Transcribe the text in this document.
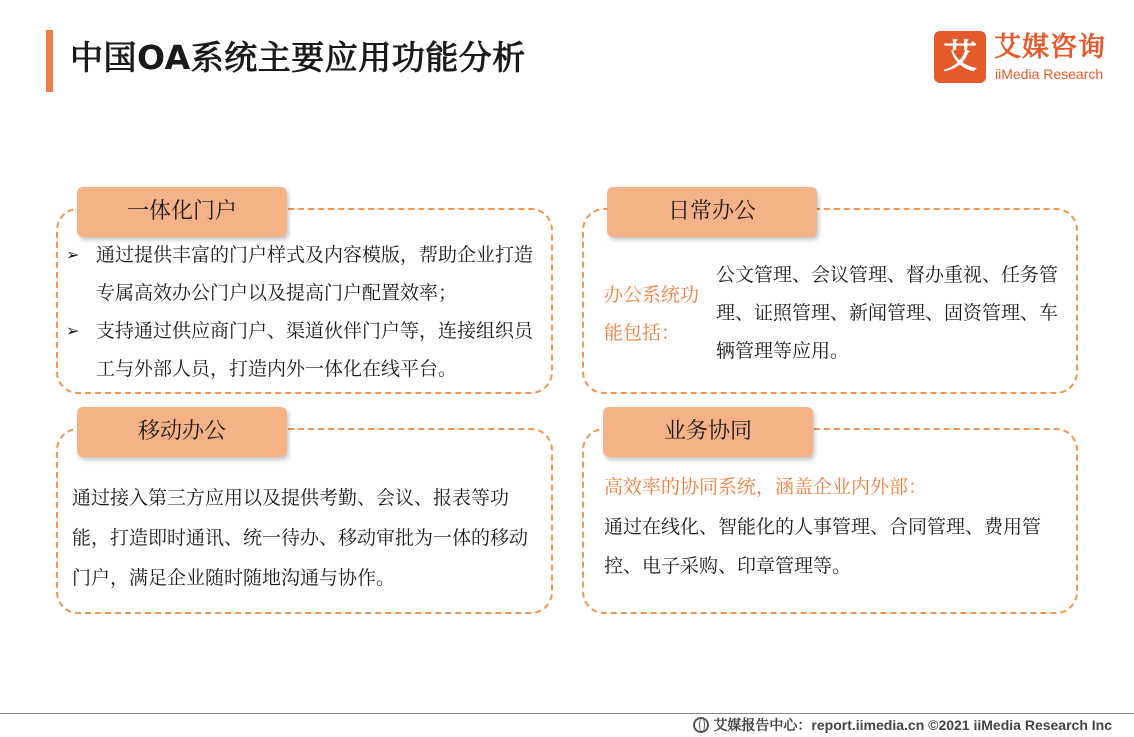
中国OA系统主要应用功能分析	艾 艾媒咨询
iiMedia Research
一体化门户
➢ 通过提供丰富的门户样式及内容模版，帮助企业打造专属高效办公门户以及提高门户配置效率；
➢ 支持通过供应商门户、渠道伙伴门户等，连接组织员工与外部人员，打造内外一体化在线平台。
日常办公
办公系统功能包括：
公文管理、会议管理、督办重视、任务管理、证照管理、新闻管理、固资管理、车辆管理等应用。
移动办公
通过接入第三方应用以及提供考勤、会议、报表等功能，打造即时通讯、统一待办、移动审批为一体的移动门户，满足企业随时随地沟通与协作。
业务协同
高效率的协同系统，涵盖企业内外部：
通过在线化、智能化的人事管理、合同管理、费用管控、电子采购、印章管理等。
艾媒报告中心：report.iimedia.cn ©2021 iiMedia Research Inc
